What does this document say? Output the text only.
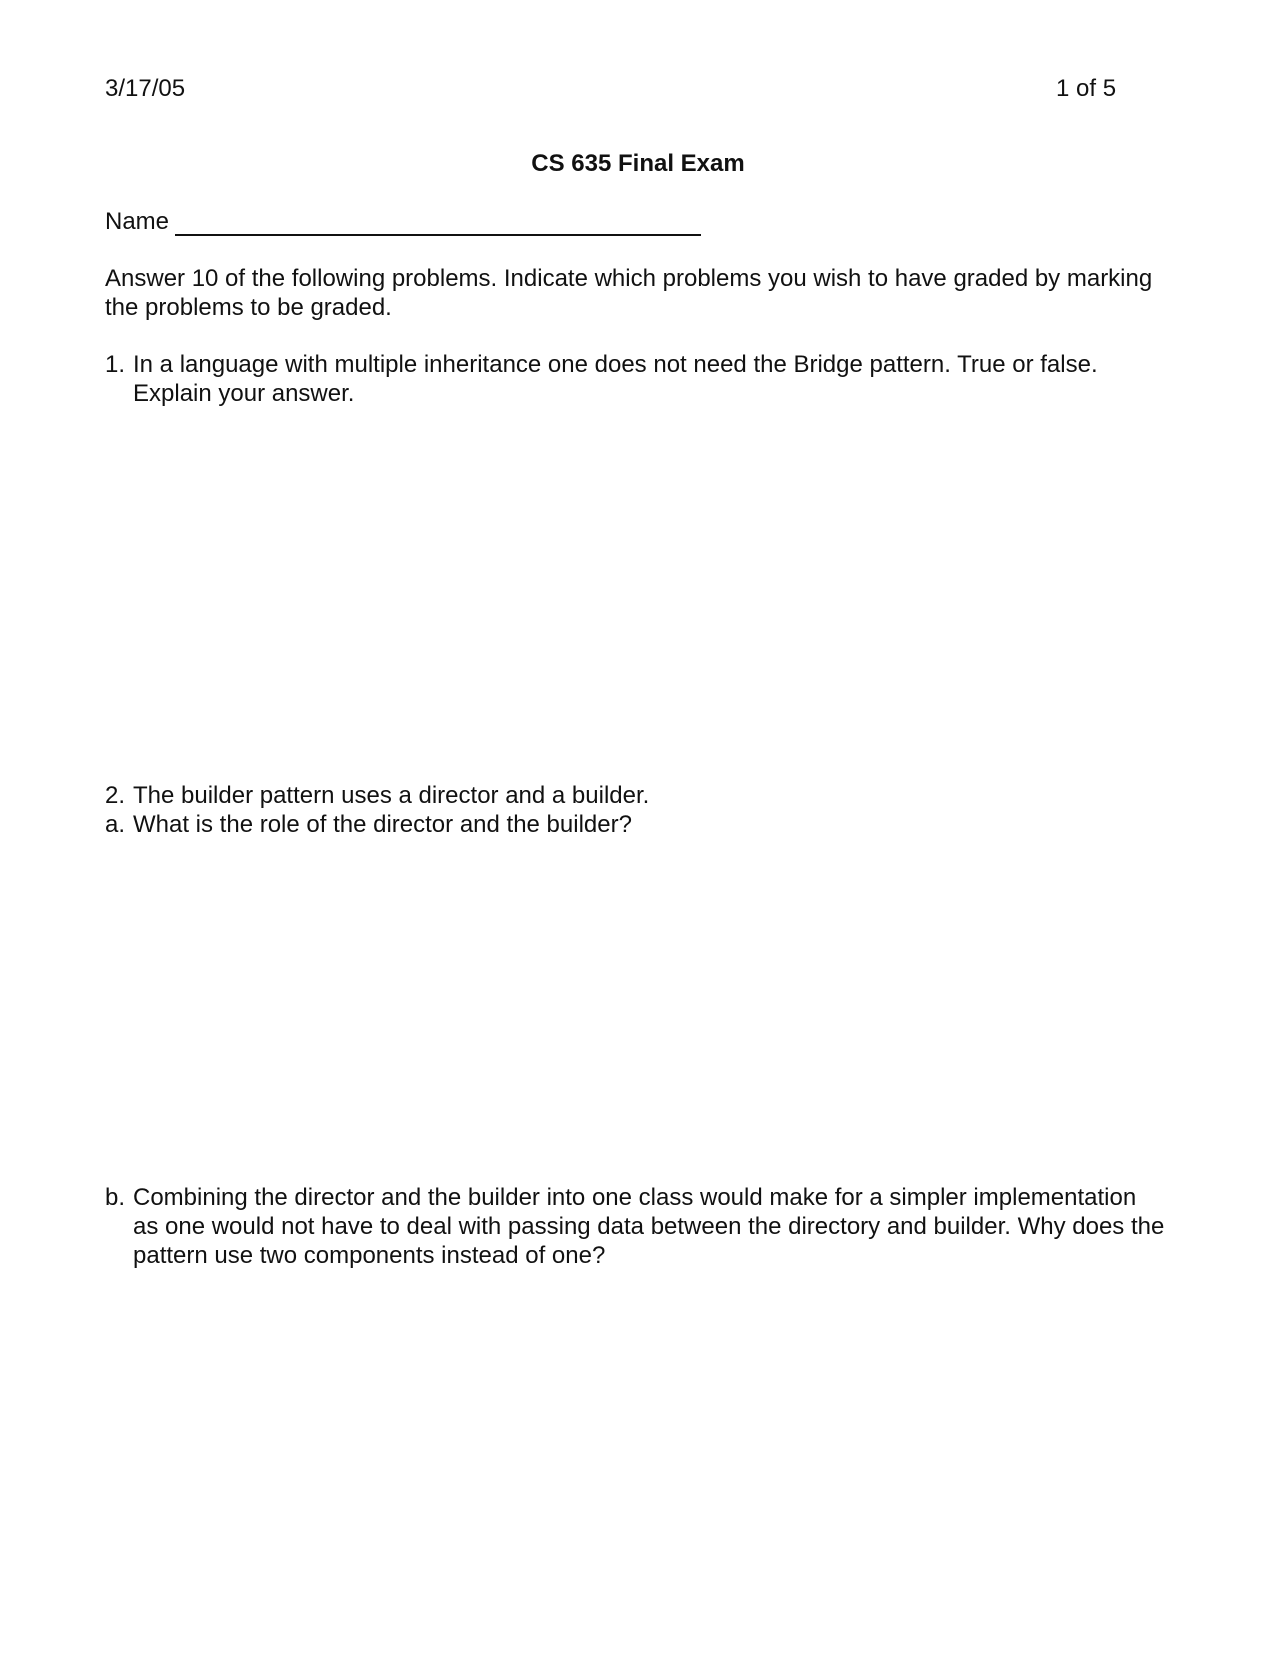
3/17/05	1 of 5
CS 635 Final Exam
Name
Answer 10 of the following problems. Indicate which problems you wish to have graded by marking the problems to be graded.
1. In a language with multiple inheritance one does not need the Bridge pattern. True or false. Explain your answer.
2. The builder pattern uses a director and a builder.
a. What is the role of the director and the builder?
b. Combining the director and the builder into one class would make for a simpler implementation as one would not have to deal with passing data between the directory and builder. Why does the pattern use two components instead of one?
